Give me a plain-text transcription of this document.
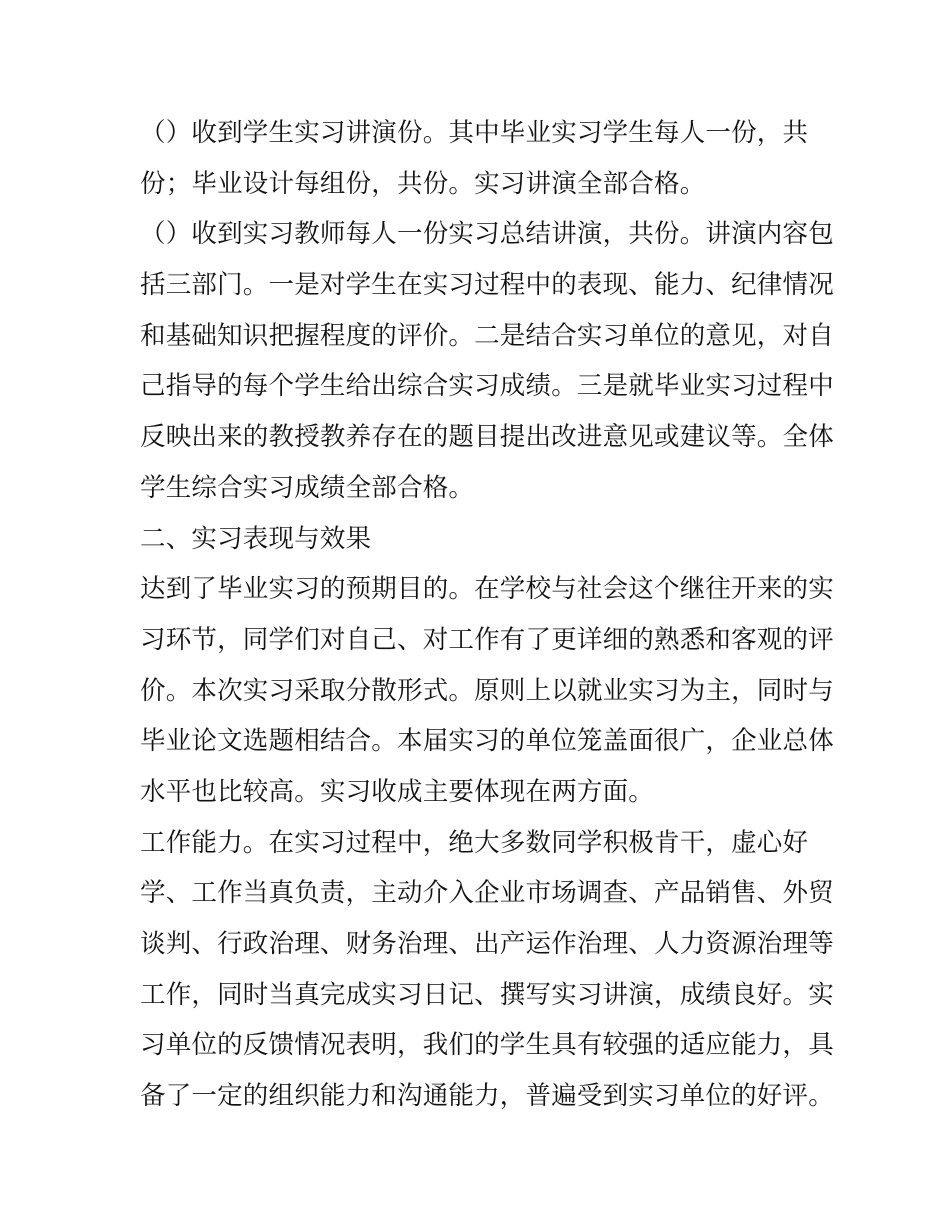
（）收到学生实习讲演份。其中毕业实习学生每人一份，共
份；毕业设计每组份，共份。实习讲演全部合格。
（）收到实习教师每人一份实习总结讲演，共份。讲演内容包
括三部门。一是对学生在实习过程中的表现、能力、纪律情况
和基础知识把握程度的评价。二是结合实习单位的意见，对自
己指导的每个学生给出综合实习成绩。三是就毕业实习过程中
反映出来的教授教养存在的题目提出改进意见或建议等。全体
学生综合实习成绩全部合格。
二、实习表现与效果
达到了毕业实习的预期目的。在学校与社会这个继往开来的实
习环节，同学们对自己、对工作有了更详细的熟悉和客观的评
价。本次实习采取分散形式。原则上以就业实习为主，同时与
毕业论文选题相结合。本届实习的单位笼盖面很广，企业总体
水平也比较高。实习收成主要体现在两方面。
工作能力。在实习过程中，绝大多数同学积极肯干，虚心好
学、工作当真负责，主动介入企业市场调查、产品销售、外贸
谈判、行政治理、财务治理、出产运作治理、人力资源治理等
工作，同时当真完成实习日记、撰写实习讲演，成绩良好。实
习单位的反馈情况表明，我们的学生具有较强的适应能力，具
备了一定的组织能力和沟通能力，普遍受到实习单位的好评。
